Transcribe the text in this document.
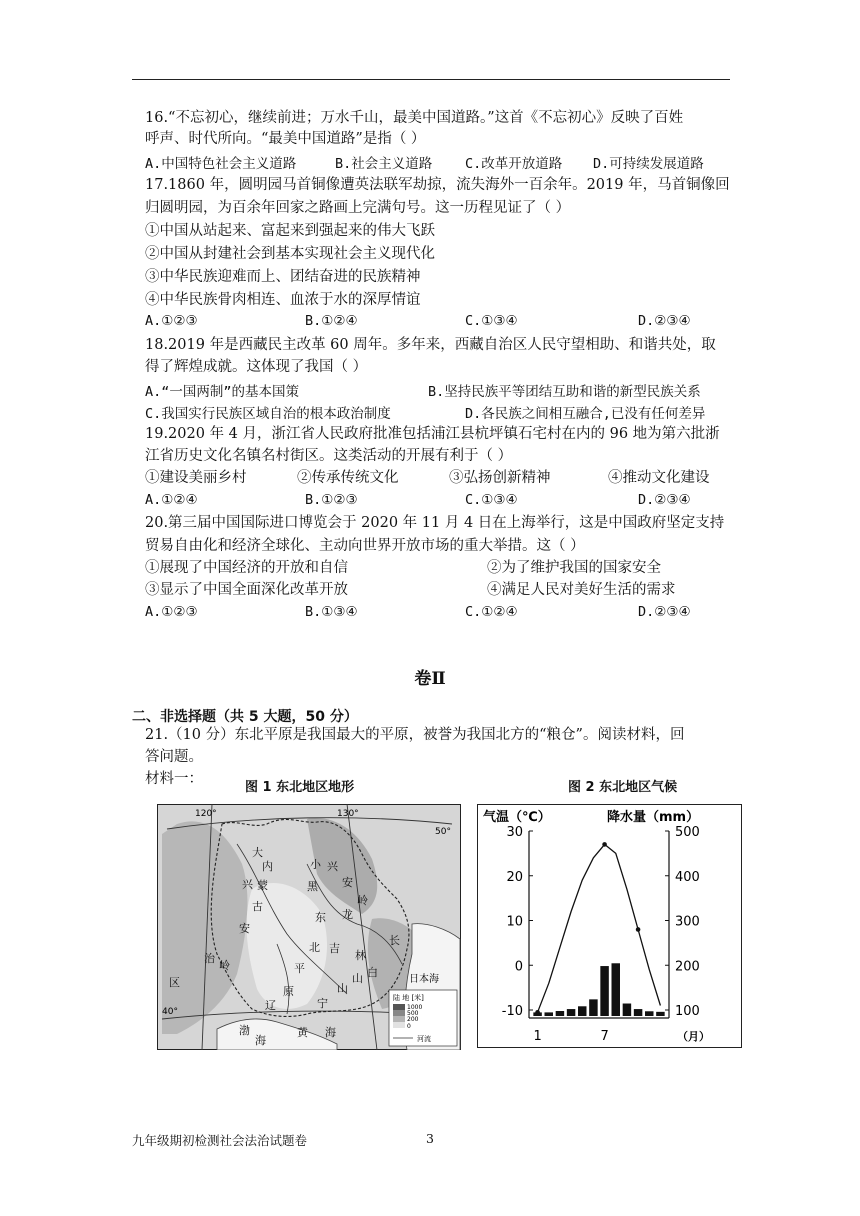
16.“不忘初心，继续前进；万水千山，最美中国道路。”这首《不忘初心》反映了百姓
呼声、时代所向。“最美中国道路”是指（ ）
A.中国特色社会主义道路	B.社会主义道路 C.改革开放道路 D.可持续发展道路
17.1860 年，圆明园马首铜像遭英法联军劫掠，流失海外一百余年。2019 年，马首铜像回
归圆明园，为百余年回家之路画上完满句号。这一历程见证了（ ）
①中国从站起来、富起来到强起来的伟大飞跃
②中国从封建社会到基本实现社会主义现代化
③中华民族迎难而上、团结奋进的民族精神
④中华民族骨肉相连、血浓于水的深厚情谊
A.①②③	B.①②④	C.①③④	D.②③④
18.2019 年是西藏民主改革 60 周年。多年来，西藏自治区人民守望相助、和谐共处，取
得了辉煌成就。这体现了我国（ ）
A.“一国两制”的基本国策	B.坚持民族平等团结互助和谐的新型民族关系
C.我国实行民族区域自治的根本政治制度	D.各民族之间相互融合,已没有任何差异
19.2020 年 4 月，浙江省人民政府批准包括浦江县杭坪镇石宅村在内的 96 地为第六批浙
江省历史文化名镇名村街区。这类活动的开展有利于（ ）
①建设美丽乡村	②传承传统文化	③弘扬创新精神	④推动文化建设
A.①②④	B.①②③	C.①③④	D.②③④
20.第三届中国国际进口博览会于 2020 年 11 月 4 日在上海举行，这是中国政府坚定支持
贸易自由化和经济全球化、主动向世界开放市场的重大举措。这（ ）
①展现了中国经济的开放和自信	②为了维护我国的国家安全
③显示了中国全面深化改革开放	④满足人民对美好生活的需求
A.①②③	B.①③④	C.①②④	D.②③④
卷Ⅱ
二、非选择题（共 5 大题，50 分）
21.（10 分）东北平原是我国最大的平原，被誉为我国北方的“粮仓”。阅读材料，回
答问题。
材料一：
图 1 东北地区地形	图 2 东北地区气候
120°	130°
50°
40°
大
内
兴 蒙
古
安
岭
治
区
小 兴
安
岭
黑
龙
东
北 吉
平
原
辽	宁
山
长
白
林
山
渤
海
黄 海
日本海
陆 地 [米]
1000
500
200
0
河流
气温（℃）	降水量（mm）
-10
0
10
20
30
100
200
300
400
500
1	7	（月）
九年级期初检测社会法治试题卷	3
